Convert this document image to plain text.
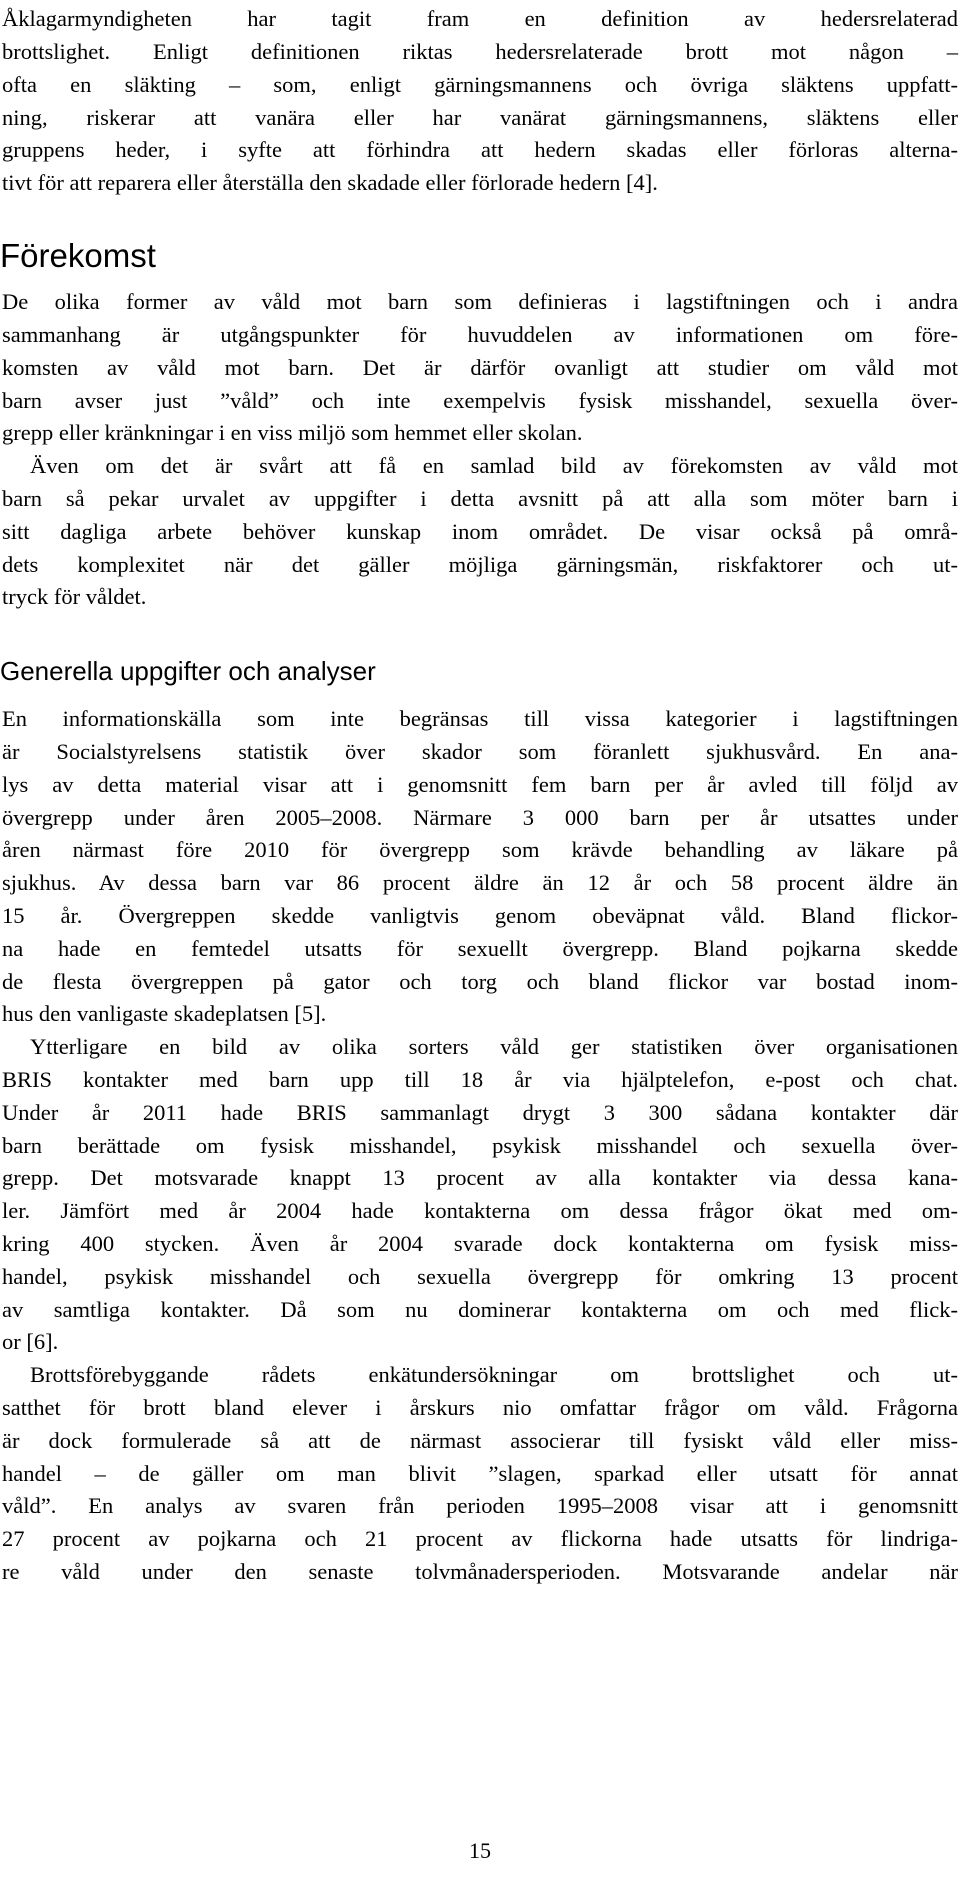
Åklagarmyndigheten har tagit fram en definition av hedersrelaterad
brottslighet. Enligt definitionen riktas hedersrelaterade brott mot någon –
ofta en släkting – som, enligt gärningsmannens och övriga släktens uppfatt-
ning, riskerar att vanära eller har vanärat gärningsmannens, släktens eller
gruppens heder, i syfte att förhindra att hedern skadas eller förloras alterna-
tivt för att reparera eller återställa den skadade eller förlorade hedern [4].
Förekomst
De olika former av våld mot barn som definieras i lagstiftningen och i andra
sammanhang är utgångspunkter för huvuddelen av informationen om före-
komsten av våld mot barn. Det är därför ovanligt att studier om våld mot
barn avser just ”våld” och inte exempelvis fysisk misshandel, sexuella över-
grepp eller kränkningar i en viss miljö som hemmet eller skolan.
Även om det är svårt att få en samlad bild av förekomsten av våld mot
barn så pekar urvalet av uppgifter i detta avsnitt på att alla som möter barn i
sitt dagliga arbete behöver kunskap inom området. De visar också på områ-
dets komplexitet när det gäller möjliga gärningsmän, riskfaktorer och ut-
tryck för våldet.
Generella uppgifter och analyser
En informationskälla som inte begränsas till vissa kategorier i lagstiftningen
är Socialstyrelsens statistik över skador som föranlett sjukhusvård. En ana-
lys av detta material visar att i genomsnitt fem barn per år avled till följd av
övergrepp under åren 2005–2008. Närmare 3 000 barn per år utsattes under
åren närmast före 2010 för övergrepp som krävde behandling av läkare på
sjukhus. Av dessa barn var 86 procent äldre än 12 år och 58 procent äldre än
15 år. Övergreppen skedde vanligtvis genom obeväpnat våld. Bland flickor-
na hade en femtedel utsatts för sexuellt övergrepp. Bland pojkarna skedde
de flesta övergreppen på gator och torg och bland flickor var bostad inom-
hus den vanligaste skadeplatsen [5].
Ytterligare en bild av olika sorters våld ger statistiken över organisationen
BRIS kontakter med barn upp till 18 år via hjälptelefon, e-post och chat.
Under år 2011 hade BRIS sammanlagt drygt 3 300 sådana kontakter där
barn berättade om fysisk misshandel, psykisk misshandel och sexuella över-
grepp. Det motsvarade knappt 13 procent av alla kontakter via dessa kana-
ler. Jämfört med år 2004 hade kontakterna om dessa frågor ökat med om-
kring 400 stycken. Även år 2004 svarade dock kontakterna om fysisk miss-
handel, psykisk misshandel och sexuella övergrepp för omkring 13 procent
av samtliga kontakter. Då som nu dominerar kontakterna om och med flick-
or [6].
Brottsförebyggande rådets enkätundersökningar om brottslighet och ut-
satthet för brott bland elever i årskurs nio omfattar frågor om våld. Frågorna
är dock formulerade så att de närmast associerar till fysiskt våld eller miss-
handel – de gäller om man blivit ”slagen, sparkad eller utsatt för annat
våld”. En analys av svaren från perioden 1995–2008 visar att i genomsnitt
27 procent av pojkarna och 21 procent av flickorna hade utsatts för lindriga-
re våld under den senaste tolvmånadersperioden. Motsvarande andelar när
15
